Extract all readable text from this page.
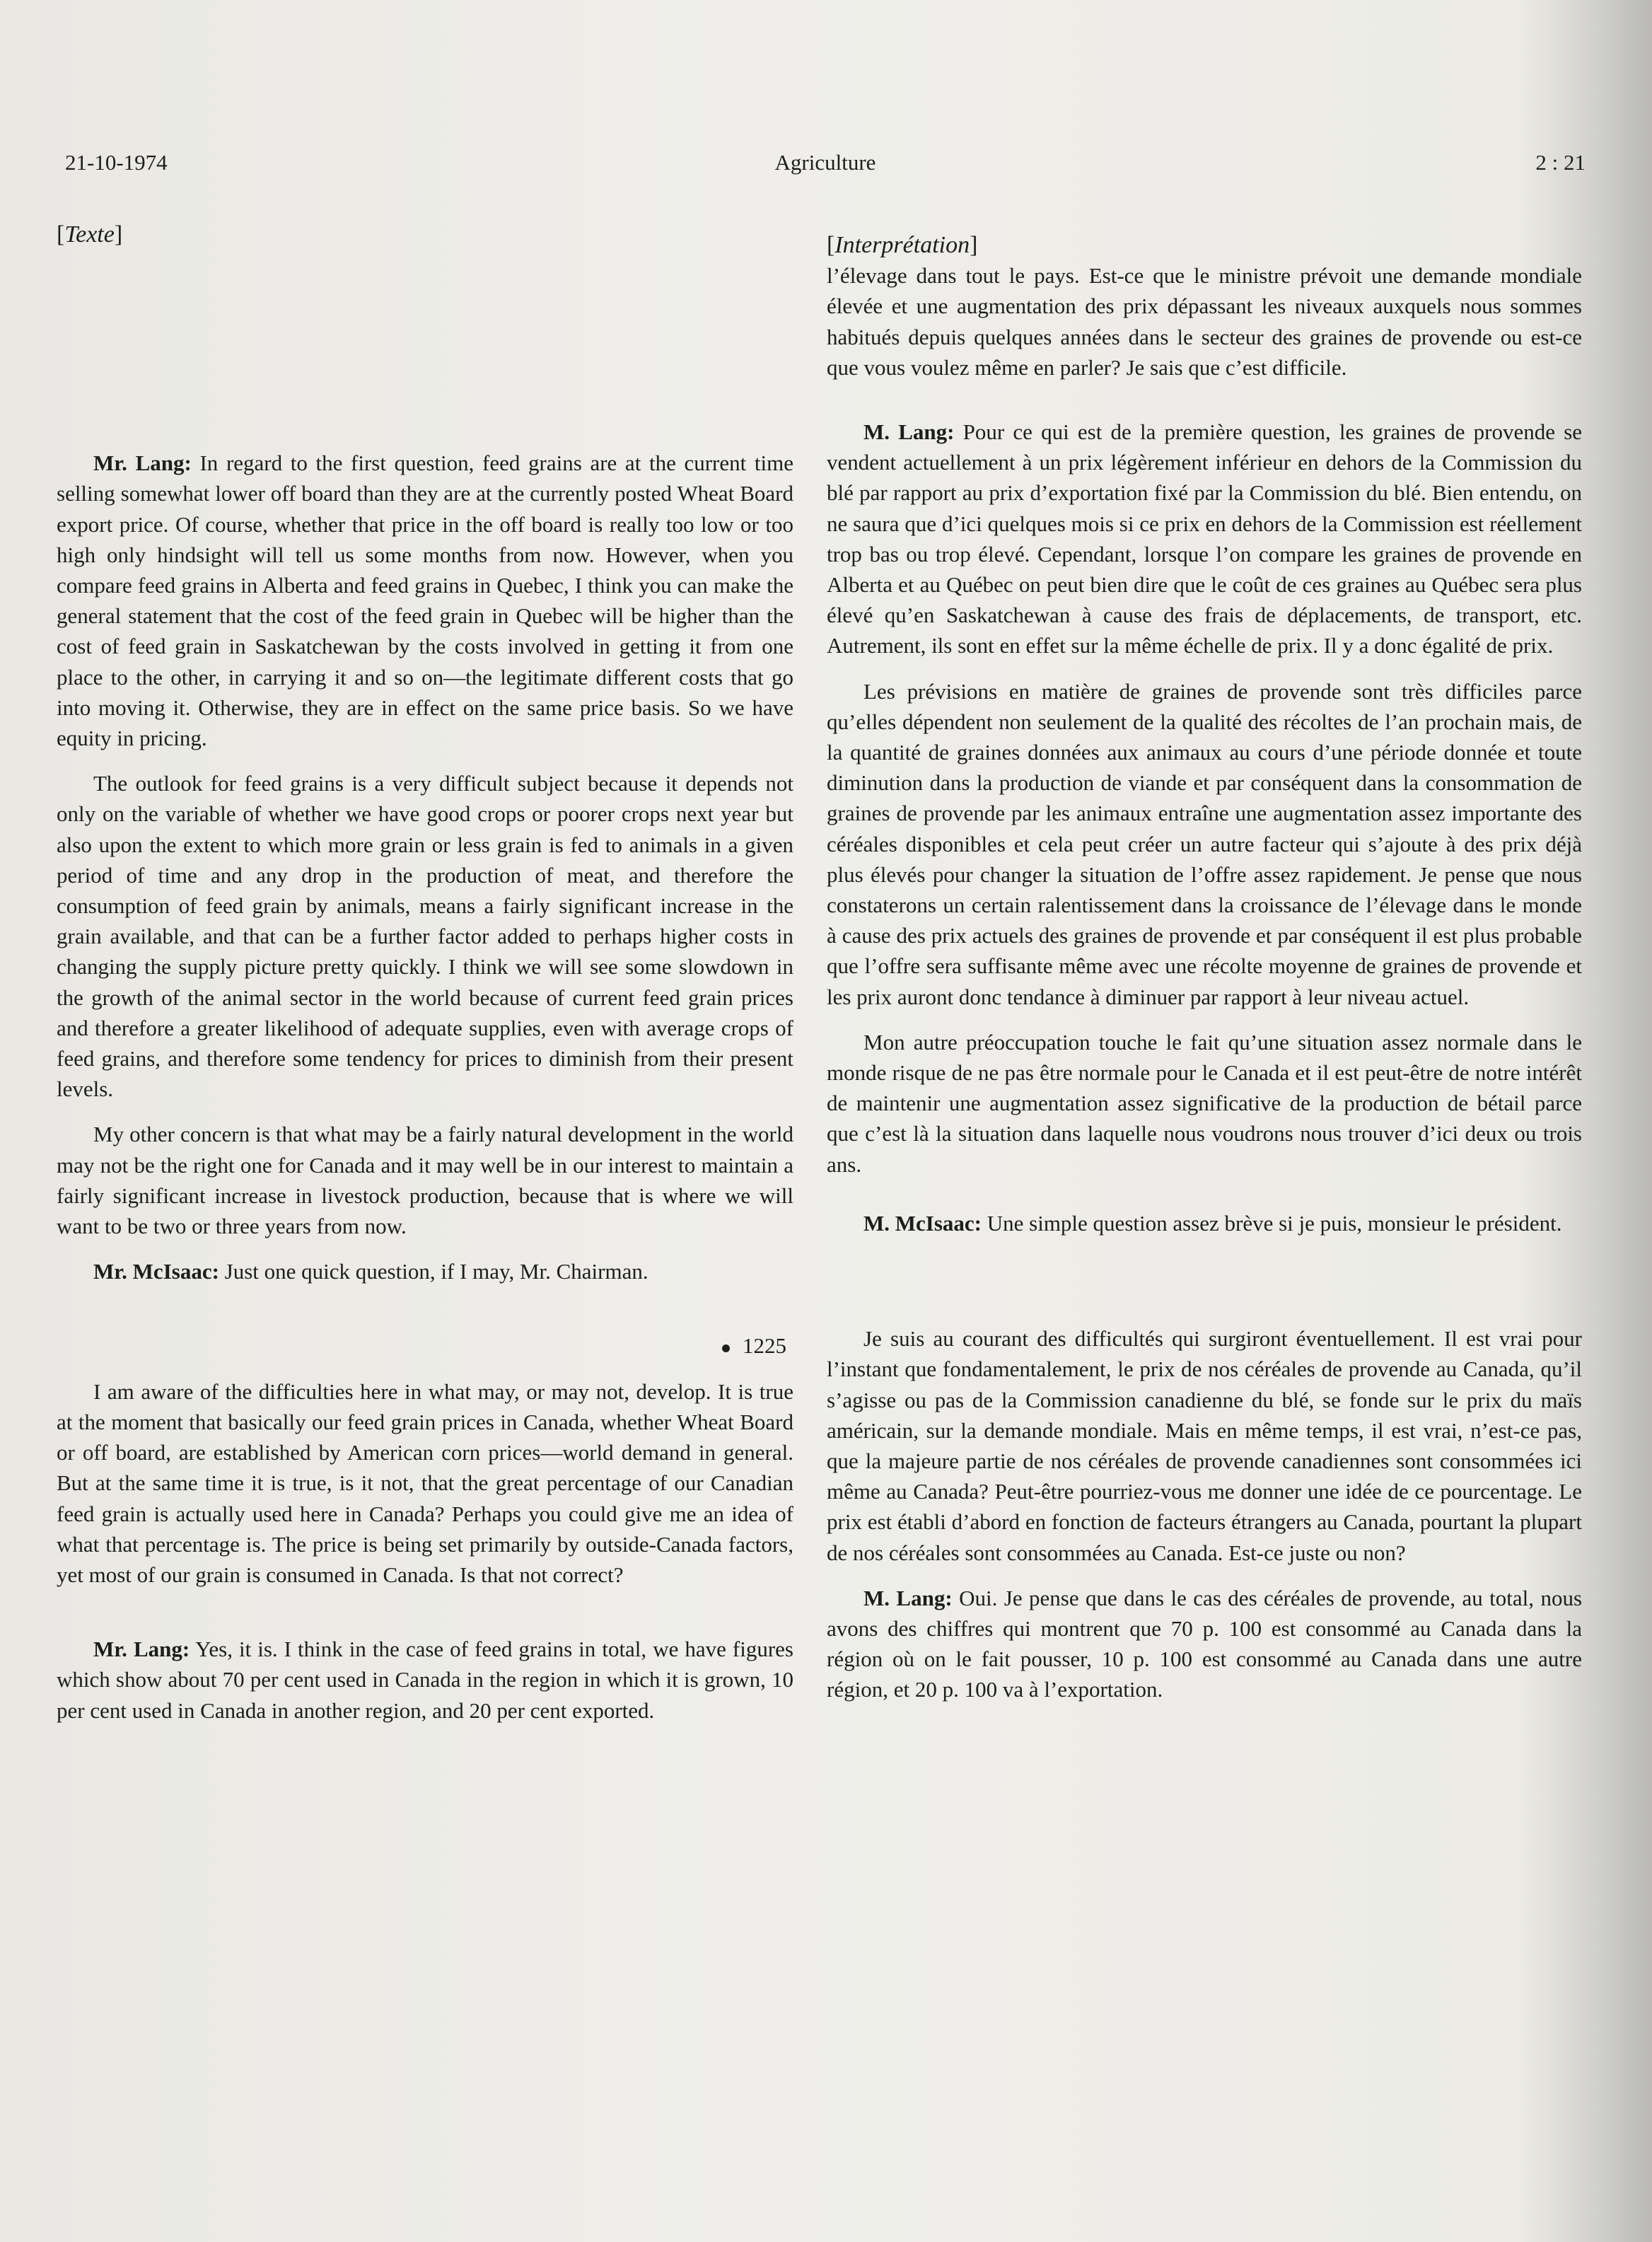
21-10-1974	Agriculture	2 : 21
[Texte]

Mr. Lang: In regard to the first question, feed grains are at the current time selling somewhat lower off board than they are at the currently posted Wheat Board export price. Of course, whether that price in the off board is really too low or too high only hindsight will tell us some months from now. However, when you compare feed grains in Alberta and feed grains in Quebec, I think you can make the general statement that the cost of the feed grain in Quebec will be higher than the cost of feed grain in Saskatchewan by the costs involved in getting it from one place to the other, in carrying it and so on—the legitimate different costs that go into moving it. Otherwise, they are in effect on the same price basis. So we have equity in pricing.

The outlook for feed grains is a very difficult subject because it depends not only on the variable of whether we have good crops or poorer crops next year but also upon the extent to which more grain or less grain is fed to animals in a given period of time and any drop in the production of meat, and therefore the consumption of feed grain by animals, means a fairly significant increase in the grain available, and that can be a further factor added to perhaps higher costs in changing the supply picture pretty quickly. I think we will see some slowdown in the growth of the animal sector in the world because of current feed grain prices and therefore a greater likelihood of adequate supplies, even with average crops of feed grains, and therefore some tendency for prices to diminish from their present levels.

My other concern is that what may be a fairly natural development in the world may not be the right one for Canada and it may well be in our interest to maintain a fairly significant increase in livestock production, because that is where we will want to be two or three years from now.

Mr. McIsaac: Just one quick question, if I may, Mr. Chairman.

1225

I am aware of the difficulties here in what may, or may not, develop. It is true at the moment that basically our feed grain prices in Canada, whether Wheat Board or off board, are established by American corn prices—world demand in general. But at the same time it is true, is it not, that the great percentage of our Canadian feed grain is actually used here in Canada? Perhaps you could give me an idea of what that percentage is. The price is being set primarily by outside-Canada factors, yet most of our grain is consumed in Canada. Is that not correct?

Mr. Lang: Yes, it is. I think in the case of feed grains in total, we have figures which show about 70 per cent used in Canada in the region in which it is grown, 10 per cent used in Canada in another region, and 20 per cent exported.

[Interprétation]

l’élevage dans tout le pays. Est-ce que le ministre prévoit une demande mondiale élevée et une augmentation des prix dépassant les niveaux auxquels nous sommes habitués depuis quelques années dans le secteur des graines de provende ou est-ce que vous voulez même en parler? Je sais que c’est difficile.

M. Lang: Pour ce qui est de la première question, les graines de provende se vendent actuellement à un prix légèrement inférieur en dehors de la Commission du blé par rapport au prix d’exportation fixé par la Commission du blé. Bien entendu, on ne saura que d’ici quelques mois si ce prix en dehors de la Commission est réellement trop bas ou trop élevé. Cependant, lorsque l’on compare les graines de provende en Alberta et au Québec on peut bien dire que le coût de ces graines au Québec sera plus élevé qu’en Saskatchewan à cause des frais de déplacements, de transport, etc. Autrement, ils sont en effet sur la même échelle de prix. Il y a donc égalité de prix.

Les prévisions en matière de graines de provende sont très difficiles parce qu’elles dépendent non seulement de la qualité des récoltes de l’an prochain mais, de la quantité de graines données aux animaux au cours d’une période donnée et toute diminution dans la production de viande et par conséquent dans la consommation de graines de provende par les animaux entraîne une augmentation assez importante des céréales disponibles et cela peut créer un autre facteur qui s’ajoute à des prix déjà plus élevés pour changer la situation de l’offre assez rapidement. Je pense que nous constaterons un certain ralentissement dans la croissance de l’élevage dans le monde à cause des prix actuels des graines de provende et par conséquent il est plus probable que l’offre sera suffisante même avec une récolte moyenne de graines de provende et les prix auront donc tendance à diminuer par rapport à leur niveau actuel.

Mon autre préoccupation touche le fait qu’une situation assez normale dans le monde risque de ne pas être normale pour le Canada et il est peut-être de notre intérêt de maintenir une augmentation assez significative de la production de bétail parce que c’est là la situation dans laquelle nous voudrons nous trouver d’ici deux ou trois ans.

M. McIsaac: Une simple question assez brève si je puis, monsieur le président.

Je suis au courant des difficultés qui surgiront éventuellement. Il est vrai pour l’instant que fondamentalement, le prix de nos céréales de provende au Canada, qu’il s’agisse ou pas de la Commission canadienne du blé, se fonde sur le prix du maïs américain, sur la demande mondiale. Mais en même temps, il est vrai, n’est-ce pas, que la majeure partie de nos céréales de provende canadiennes sont consommées ici même au Canada? Peut-être pourriez-vous me donner une idée de ce pourcentage. Le prix est établi d’abord en fonction de facteurs étrangers au Canada, pourtant la plupart de nos céréales sont consommées au Canada. Est-ce juste ou non?

M. Lang: Oui. Je pense que dans le cas des céréales de provende, au total, nous avons des chiffres qui montrent que 70 p. 100 est consommé au Canada dans la région où on le fait pousser, 10 p. 100 est consommé au Canada dans une autre région, et 20 p. 100 va à l’exportation.
